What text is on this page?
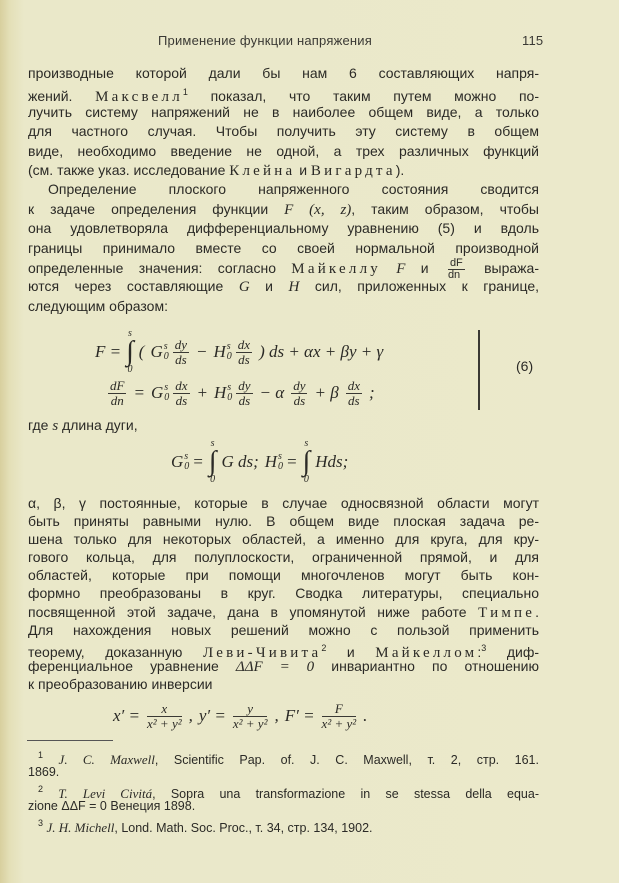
Применение функции напряжения	115
производные которой дали бы нам 6 составляющих напря-
жений. Максвелл$^1$ показал, что таким путем можно по-
лучить систему напряжений не в наиболее общем виде, а только
для частного случая. Чтобы получить эту систему в общем
виде, необходимо введение не одной, а трех различных функций
(см. также указ. исследование Клейна и Вигардта).
Определение плоского напряженного состояния сводится
к задаче определения функции F (x, z), таким образом, чтобы
она удовлетворяла дифференциальному уравнению (5) и вдоль
границы принимало вместе со своей нормальной производной
определенные значения: согласно Майкеллу F и $\frac{dF}{dn}$ выража-
ются через составляющие G и H сил, приложенных к границе,
следующим образом:
F =
s
∫
0
( G s
$0 \frac{dy}{ds} - H$ s
$0 \frac{dx}{ds}$ ) ds + αx + βy + γ
$\frac{dF}{dn} = G$ s
$0 \frac{dx}{ds} + H$ s
$0 \frac{dy}{ds} - \alpha \frac{dy}{ds} + \beta \frac{dx}{ds}$ ;
(6)
где s длина дуги,
G s
0 =
s
∫
0
G ds; H s
0 =
s
∫
0
Hds;
α, β, γ постоянные, которые в случае односвязной области могут
быть приняты равными нулю. В общем виде плоская задача ре-
шена только для некоторых областей, а именно для круга, для кру-
гового кольца, для полуплоскости, ограниченной прямой, и для
областей, которые при помощи многочленов могут быть кон-
формно преобразованы в круг. Сводка литературы, специально
посвященной этой задаче, дана в упомянутой ниже работе Тимпе.
Для нахождения новых решений можно с пользой применить
теорему, доказанную Леви-Чивита$^2$ и Майкеллом:$^3$ диф-
ференциальное уравнение ΔΔF = 0 инвариантно по отношению
к преобразованию инверсии
$x' = \frac{x}{\text{x² + y²}}$ , $y' = \frac{y}{\text{x² + y²}}$ , $F' = \frac{F}{\text{x² + y²}}$ .
$^1$ J. C. Maxwell, Scientific Pap. of. J. C. Maxwell, т. 2, стр. 161.
1869.
$^2$ T. Levi Civitá, Sopra una transformazione in se stessa della equa-
zione ΔΔF = 0 Венеция 1898.
$^3$ J. H. Michell, Lond. Math. Soc. Proc., т. 34, стр. 134, 1902.
